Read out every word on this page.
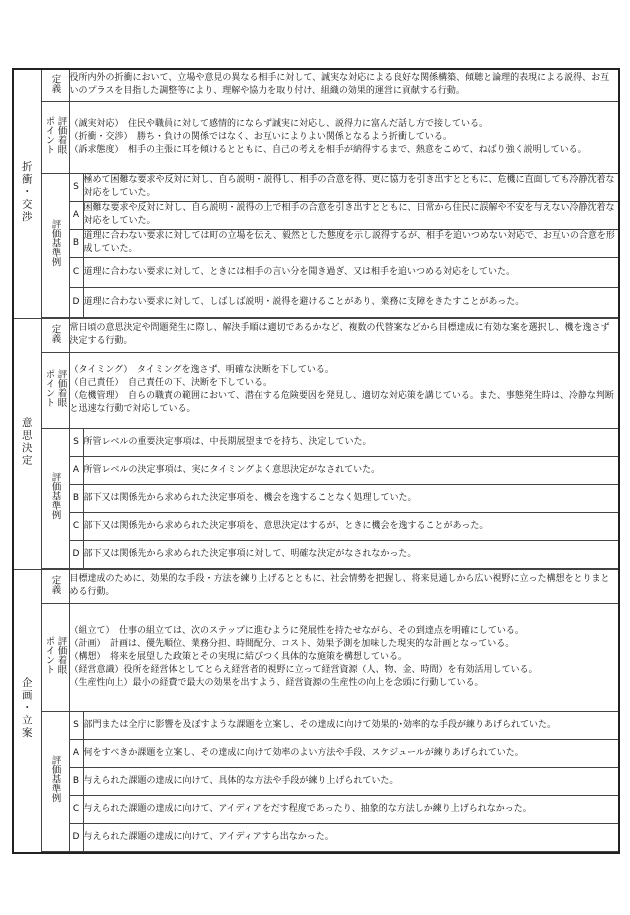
折衝・交渉	定義	役所内外の折衝において、立場や意見の異なる相手に対して、誠実な対応による良好な関係構築、傾聴と論理的表現による説得、お互いのプラスを目指した調整等により、理解や協力を取り付け、組織の効果的運営に貢献する行動。	

	評価着眼
ポイント	（誠実対応）　住民や職員に対して感情的にならず誠実に対応し、説得力に富んだ話し方で接している。
（折衝・交渉）　勝ち・負けの関係ではなく、お互いによりよい関係となるよう折衝している。
（訴求態度）　相手の主張に耳を傾けるとともに、自己の考えを相手が納得するまで、熱意をこめて、ねばり強く説明している。	

	評価基準例	S	極めて困難な要求や反対に対し、自ら説明・説得し、相手の合意を得、更に協力を引き出すとともに、危機に直面しても冷静沈着な対応をしていた。
		A	困難な要求や反対に対し、自ら説明・説得の上で相手の合意を引き出すとともに、日常から住民に誤解や不安を与えない冷静沈着な対応をしていた。
		B	道理に合わない要求に対しては町の立場を伝え、毅然とした態度を示し説得するが、相手を追いつめない対応で、お互いの合意を形成していた。
		C	道理に合わない要求に対して、ときには相手の言い分を聞き過ぎ、又は相手を追いつめる対応をしていた。
		D	道理に合わない要求に対して、しばしば説明・説得を避けることがあり、業務に支障をきたすことがあった。

意思決定	定義	常日頃の意思決定や問題発生に際し、解決手順は適切であるかなど、複数の代替案などから目標達成に有効な案を選択し、機を逸さず決定する行動。	

	評価着眼
ポイント	（タイミング）　タイミングを逸さず、明確な決断を下している。
（自己責任）　自己責任の下、決断を下している。
（危機管理）　自らの職責の範囲において、潜在する危険要因を発見し、適切な対応策を講じている。また、事態発生時は、冷静な判断と迅速な行動で対応している。	

	評価基準例	S	所管レベルの重要決定事項は、中長期展望までを持ち、決定していた。
		A	所管レベルの決定事項は、実にタイミングよく意思決定がなされていた。
		B	部下又は関係先から求められた決定事項を、機会を逸することなく処理していた。
		C	部下又は関係先から求められた決定事項を、意思決定はするが、ときに機会を逸することがあった。
		D	部下又は関係先から求められた決定事項に対して、明確な決定がなされなかった。

企画・立案	定義	目標達成のために、効果的な手段・方法を練り上げるとともに、社会情勢を把握し、将来見通しから広い視野に立った構想をとりまとめる行動。	

	評価着眼
ポイント	（組立て）　仕事の組立ては、次のステップに進むように発展性を持たせながら、その到達点を明確にしている。
（計画）　計画は、優先順位、業務分担、時間配分、コスト、効果予測を加味した現実的な計画となっている。
（構想）　将来を展望した政策とその実現に結びつく具体的な施策を構想している。
（経営意識）役所を経営体としてとらえ経営者的視野に立って経営資源（人、物、金、時間）を有効活用している。
（生産性向上）最小の経費で最大の効果を出すよう、経営資源の生産性の向上を念頭に行動している。	

	評価基準例	S	部門または全庁に影響を及ぼすような課題を立案し、その達成に向けて効果的･効率的な手段が練りあげられていた。
		A	何をすべきか課題を立案し、その達成に向けて効率のよい方法や手段、スケジュールが練りあげられていた。
		B	与えられた課題の達成に向けて、具体的な方法や手段が練り上げられていた。
		C	与えられた課題の達成に向けて、アイディアをだす程度であったり、抽象的な方法しか練り上げられなかった。
		D	与えられた課題の達成に向けて、アイディアすら出なかった。
